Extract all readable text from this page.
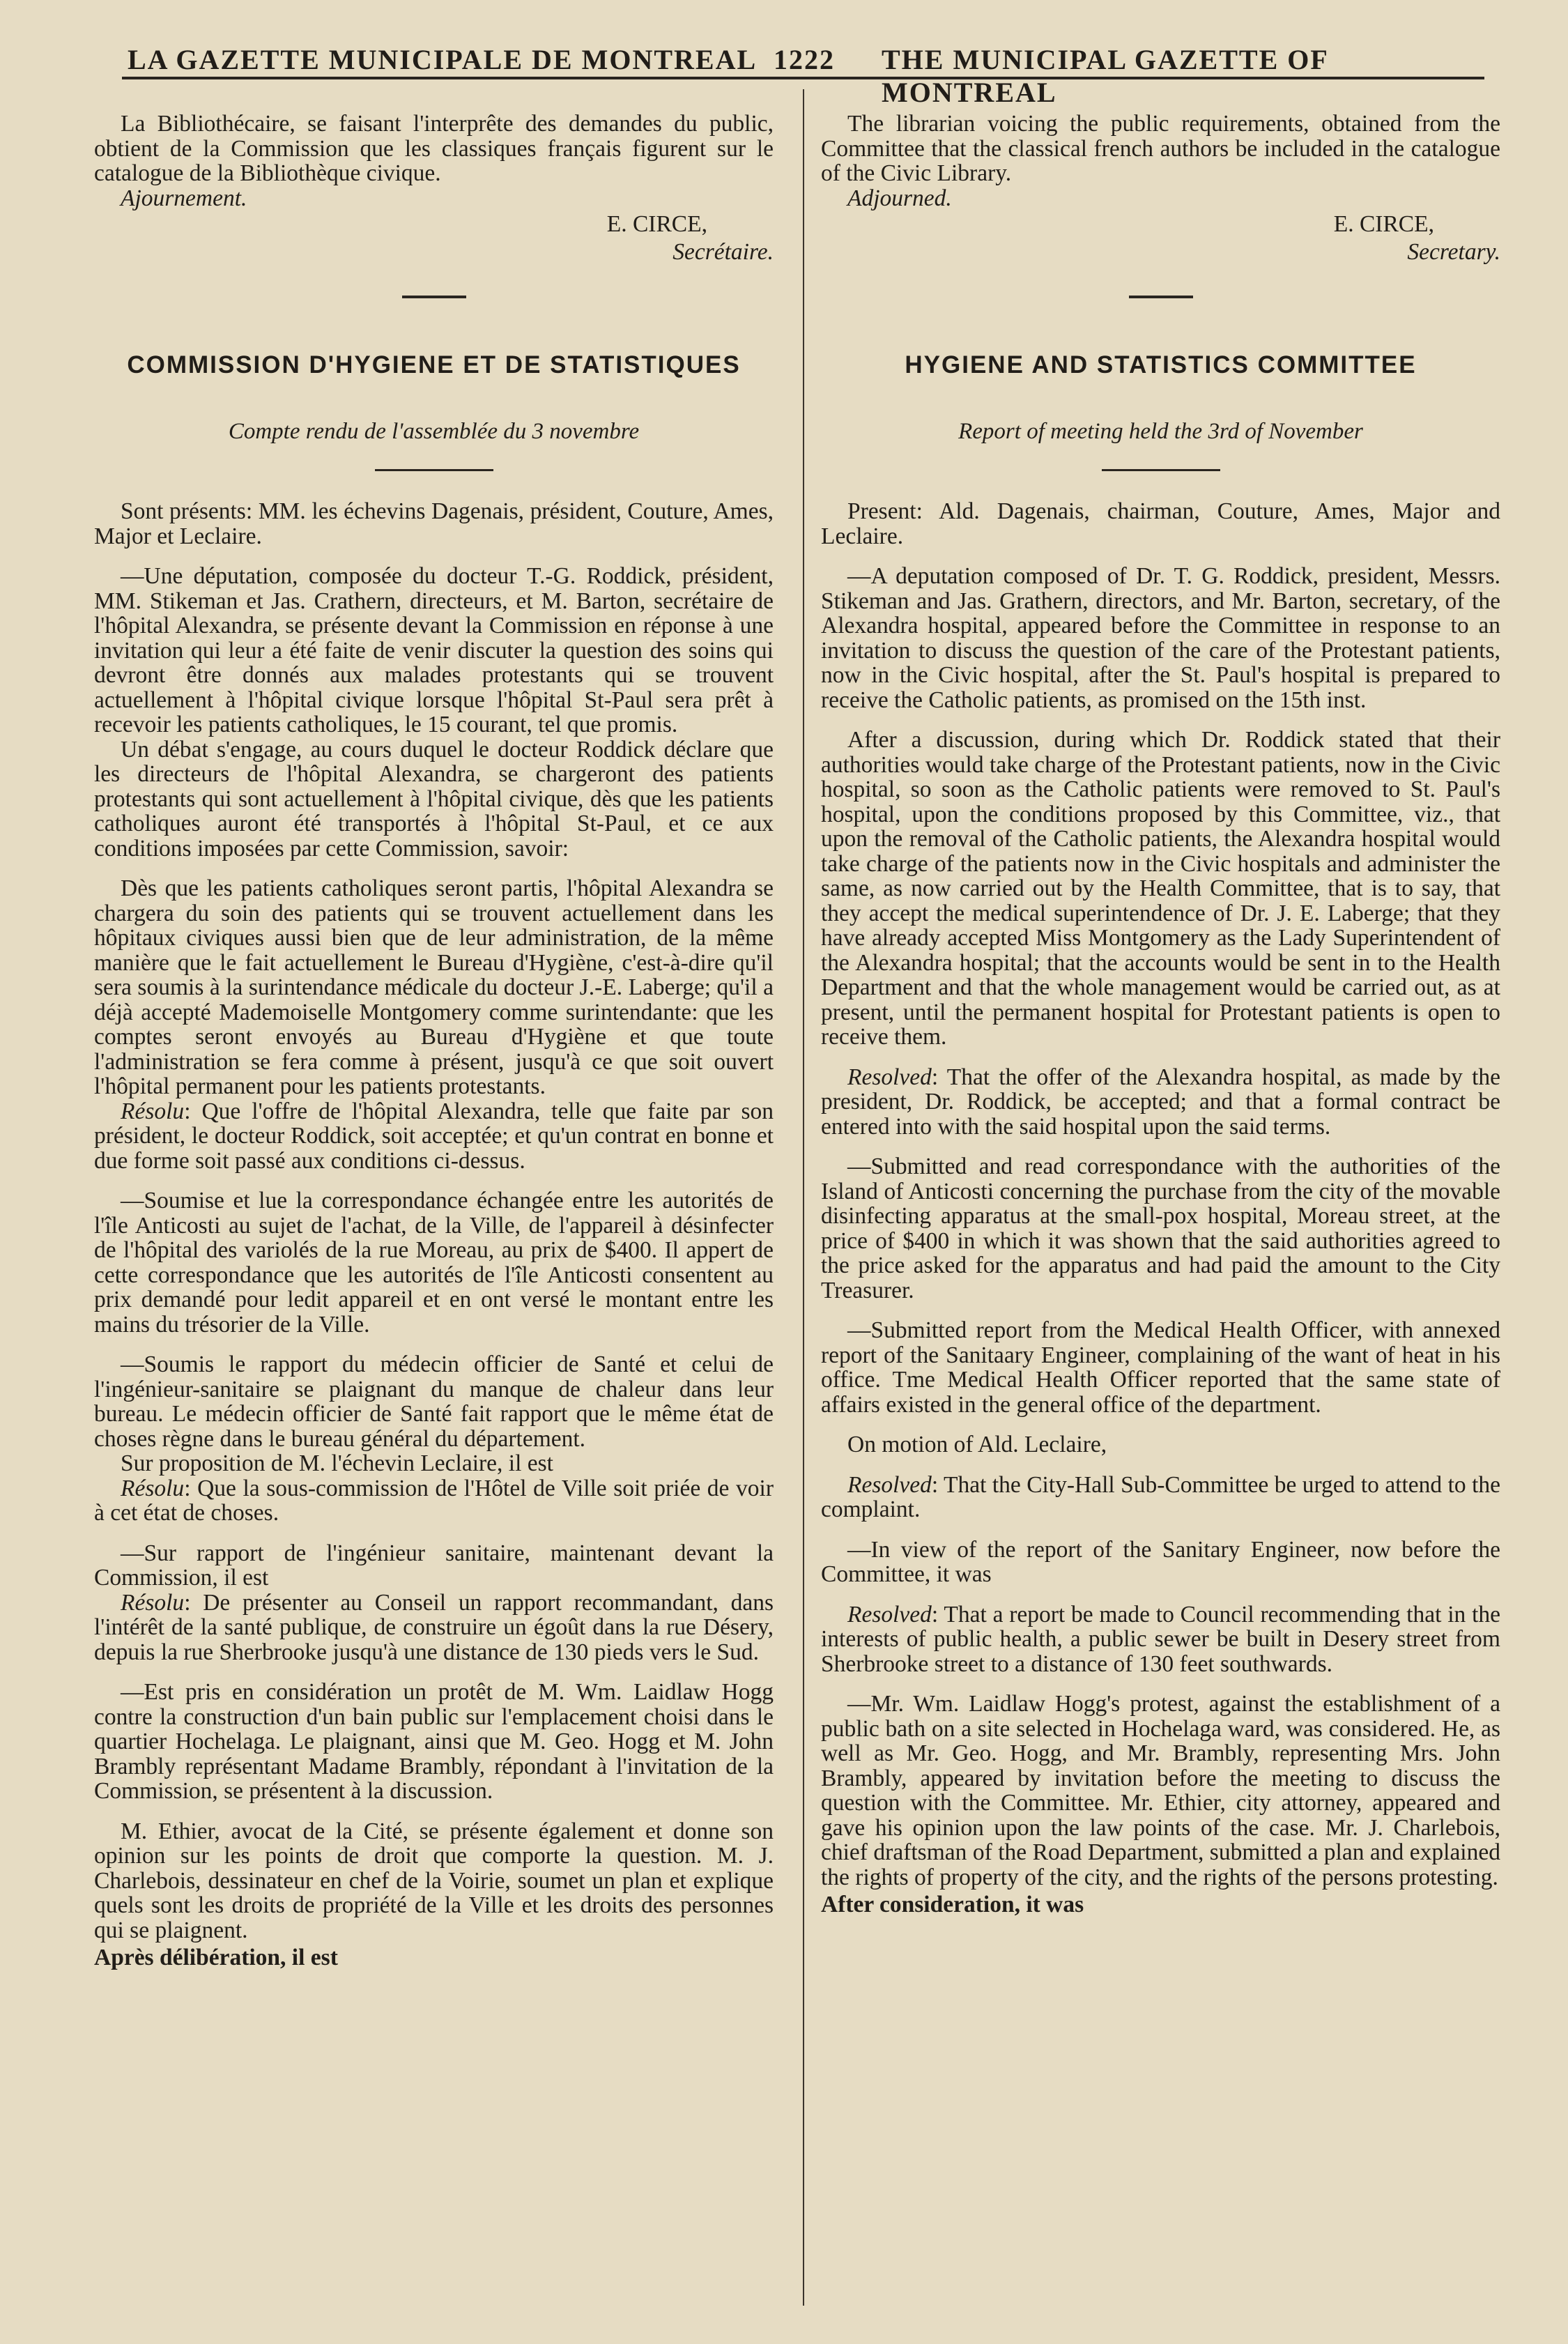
LA GAZETTE MUNICIPALE DE MONTREAL 1222 THE MUNICIPAL GAZETTE OF MONTREAL

La Bibliothécaire, se faisant l'interprête des demandes du public, obtient de la Commission que les classiques français figurent sur le catalogue de la Bibliothèque civique.

Ajournement.

E. CIRCE,
Secrétaire.
COMMISSION D'HYGIENE ET DE STATISTIQUES
Compte rendu de l'assemblée du 3 novembre

Sont présents: MM. les échevins Dagenais, président, Couture, Ames, Major et Leclaire.

—Une députation, composée du docteur T.-G. Roddick, président, MM. Stikeman et Jas. Crathern, directeurs, et M. Barton, secrétaire de l'hôpital Alexandra, se présente devant la Commission en réponse à une invitation qui leur a été faite de venir discuter la question des soins qui devront être donnés aux malades protestants qui se trouvent actuellement à l'hôpital civique lorsque l'hôpital St-Paul sera prêt à recevoir les patients catholiques, le 15 courant, tel que promis.

Un débat s'engage, au cours duquel le docteur Roddick déclare que les directeurs de l'hôpital Alexandra, se chargeront des patients protestants qui sont actuellement à l'hôpital civique, dès que les patients catholiques auront été transportés à l'hôpital St-Paul, et ce aux conditions imposées par cette Commission, savoir:

Dès que les patients catholiques seront partis, l'hôpital Alexandra se chargera du soin des patients qui se trouvent actuellement dans les hôpitaux civiques aussi bien que de leur administration, de la même manière que le fait actuellement le Bureau d'Hygiène, c'est-à-dire qu'il sera soumis à la surintendance médicale du docteur J.-E. Laberge; qu'il a déjà accepté Mademoiselle Montgomery comme surintendante: que les comptes seront envoyés au Bureau d'Hygiène et que toute l'administration se fera comme à présent, jusqu'à ce que soit ouvert l'hôpital permanent pour les patients protestants.

Résolu: Que l'offre de l'hôpital Alexandra, telle que faite par son président, le docteur Roddick, soit acceptée; et qu'un contrat en bonne et due forme soit passé aux conditions ci-dessus.

—Soumise et lue la correspondance échangée entre les autorités de l'île Anticosti au sujet de l'achat, de la Ville, de l'appareil à désinfecter de l'hôpital des variolés de la rue Moreau, au prix de $400. Il appert de cette correspondance que les autorités de l'île Anticosti consentent au prix demandé pour ledit appareil et en ont versé le montant entre les mains du trésorier de la Ville.

—Soumis le rapport du médecin officier de Santé et celui de l'ingénieur-sanitaire se plaignant du manque de chaleur dans leur bureau. Le médecin officier de Santé fait rapport que le même état de choses règne dans le bureau général du département.

Sur proposition de M. l'échevin Leclaire, il est

Résolu: Que la sous-commission de l'Hôtel de Ville soit priée de voir à cet état de choses.

—Sur rapport de l'ingénieur sanitaire, maintenant devant la Commission, il est

Résolu: De présenter au Conseil un rapport recommandant, dans l'intérêt de la santé publique, de construire un égoût dans la rue Désery, depuis la rue Sherbrooke jusqu'à une distance de 130 pieds vers le Sud.

—Est pris en considération un protêt de M. Wm. Laidlaw Hogg contre la construction d'un bain public sur l'emplacement choisi dans le quartier Hochelaga. Le plaignant, ainsi que M. Geo. Hogg et M. John Brambly représentant Madame Brambly, répondant à l'invitation de la Commission, se présentent à la discussion.

M. Ethier, avocat de la Cité, se présente également et donne son opinion sur les points de droit que comporte la question. M. J. Charlebois, dessinateur en chef de la Voirie, soumet un plan et explique quels sont les droits de propriété de la Ville et les droits des personnes qui se plaignent.

Après délibération, il est

The librarian voicing the public requirements, obtained from the Committee that the classical french authors be included in the catalogue of the Civic Library.

Adjourned.

E. CIRCE,
Secretary.
HYGIENE AND STATISTICS COMMITTEE
Report of meeting held the 3rd of November

Present: Ald. Dagenais, chairman, Couture, Ames, Major and Leclaire.

—A deputation composed of Dr. T. G. Roddick, president, Messrs. Stikeman and Jas. Grathern, directors, and Mr. Barton, secretary, of the Alexandra hospital, appeared before the Committee in response to an invitation to discuss the question of the care of the Protestant patients, now in the Civic hospital, after the St. Paul's hospital is prepared to receive the Catholic patients, as promised on the 15th inst.

After a discussion, during which Dr. Roddick stated that their authorities would take charge of the Protestant patients, now in the Civic hospital, so soon as the Catholic patients were removed to St. Paul's hospital, upon the conditions proposed by this Committee, viz., that upon the removal of the Catholic patients, the Alexandra hospital would take charge of the patients now in the Civic hospitals and administer the same, as now carried out by the Health Committee, that is to say, that they accept the medical superintendence of Dr. J. E. Laberge; that they have already accepted Miss Montgomery as the Lady Superintendent of the Alexandra hospital; that the accounts would be sent in to the Health Department and that the whole management would be carried out, as at present, until the permanent hospital for Protestant patients is open to receive them.

Resolved: That the offer of the Alexandra hospital, as made by the president, Dr. Roddick, be accepted; and that a formal contract be entered into with the said hospital upon the said terms.

—Submitted and read correspondance with the authorities of the Island of Anticosti concerning the purchase from the city of the movable disinfecting apparatus at the small-pox hospital, Moreau street, at the price of $400 in which it was shown that the said authorities agreed to the price asked for the apparatus and had paid the amount to the City Treasurer.

—Submitted report from the Medical Health Officer, with annexed report of the Sanitaary Engineer, complaining of the want of heat in his office. Tme Medical Health Officer reported that the same state of affairs existed in the general office of the department.

On motion of Ald. Leclaire,

Resolved: That the City-Hall Sub-Committee be urged to attend to the complaint.

—In view of the report of the Sanitary Engineer, now before the Committee, it was

Resolved: That a report be made to Council recommending that in the interests of public health, a public sewer be built in Desery street from Sherbrooke street to a distance of 130 feet southwards.

—Mr. Wm. Laidlaw Hogg's protest, against the establishment of a public bath on a site selected in Hochelaga ward, was considered. He, as well as Mr. Geo. Hogg, and Mr. Brambly, representing Mrs. John Brambly, appeared by invitation before the meeting to discuss the question with the Committee. Mr. Ethier, city attorney, appeared and gave his opinion upon the law points of the case. Mr. J. Charlebois, chief draftsman of the Road Department, submitted a plan and explained the rights of property of the city, and the rights of the persons protesting.

After consideration, it was
